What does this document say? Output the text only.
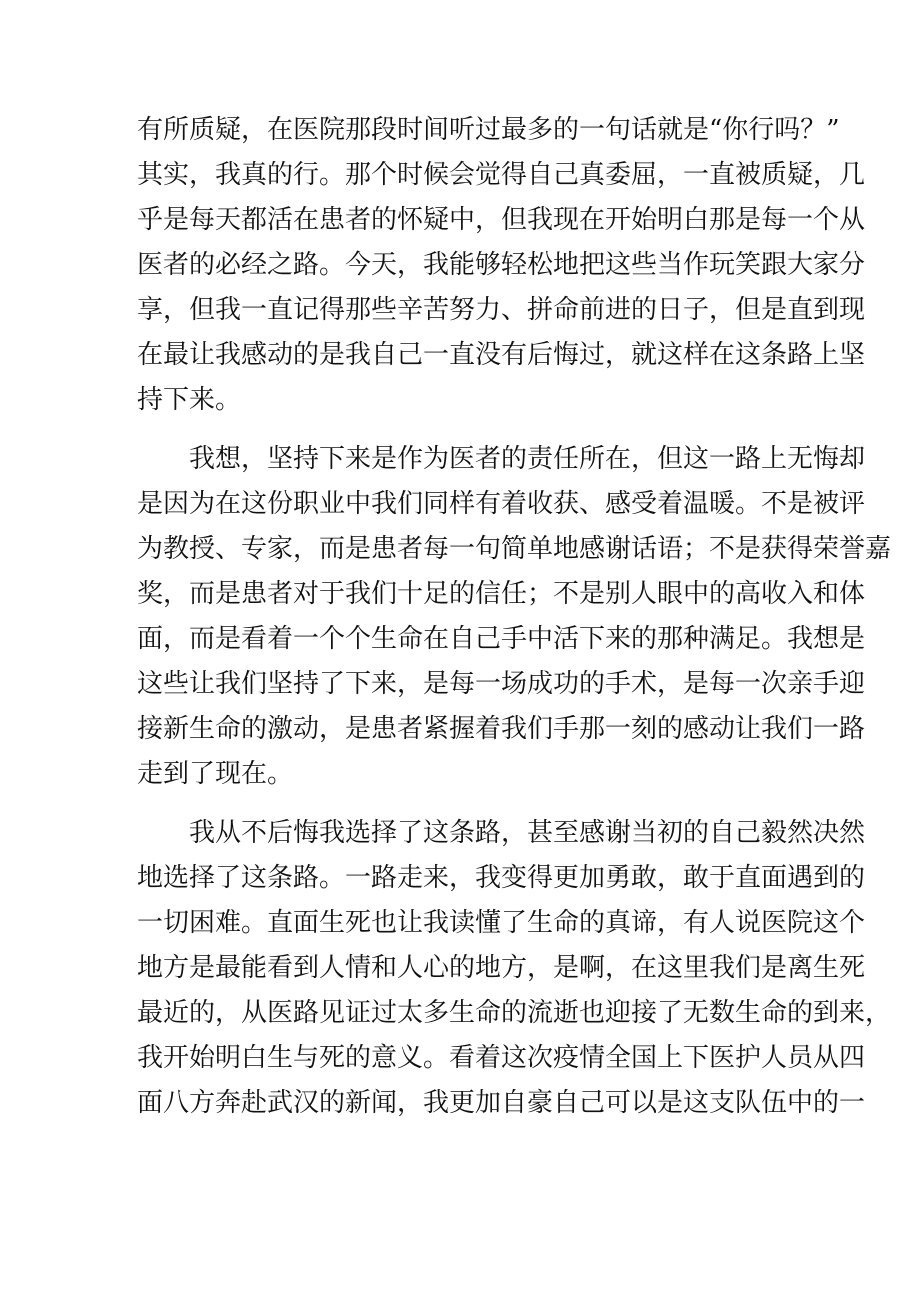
有所质疑，在医院那段时间听过最多的一句话就是“你行吗？”
其实，我真的行。那个时候会觉得自己真委屈，一直被质疑，几
乎是每天都活在患者的怀疑中，但我现在开始明白那是每一个从
医者的必经之路。今天，我能够轻松地把这些当作玩笑跟大家分
享，但我一直记得那些辛苦努力、拼命前进的日子，但是直到现
在最让我感动的是我自己一直没有后悔过，就这样在这条路上坚
持下来。
我想，坚持下来是作为医者的责任所在，但这一路上无悔却
是因为在这份职业中我们同样有着收获、感受着温暖。不是被评
为教授、专家，而是患者每一句简单地感谢话语；不是获得荣誉嘉
奖，而是患者对于我们十足的信任；不是别人眼中的高收入和体
面，而是看着一个个生命在自己手中活下来的那种满足。我想是
这些让我们坚持了下来，是每一场成功的手术，是每一次亲手迎
接新生命的激动，是患者紧握着我们手那一刻的感动让我们一路
走到了现在。
我从不后悔我选择了这条路，甚至感谢当初的自己毅然决然
地选择了这条路。一路走来，我变得更加勇敢，敢于直面遇到的
一切困难。直面生死也让我读懂了生命的真谛，有人说医院这个
地方是最能看到人情和人心的地方，是啊，在这里我们是离生死
最近的，从医路见证过太多生命的流逝也迎接了无数生命的到来，
我开始明白生与死的意义。看着这次疫情全国上下医护人员从四
面八方奔赴武汉的新闻，我更加自豪自己可以是这支队伍中的一
